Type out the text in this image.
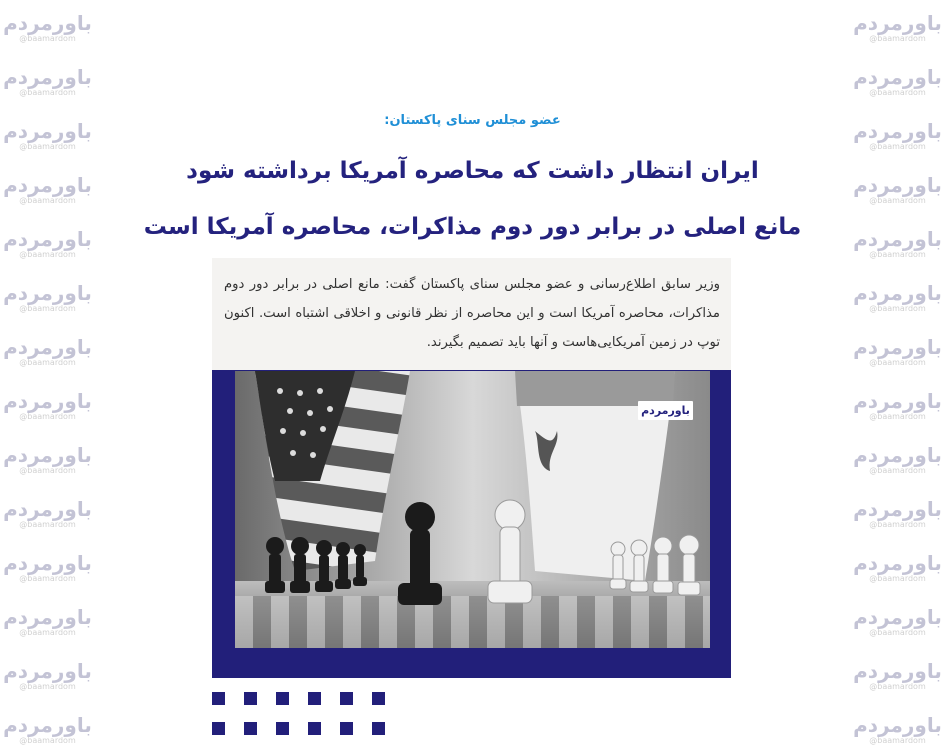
باورمردم
@baamardom
باورمردم
@baamardom
باورمردم
@baamardom
باورمردم
@baamardom
باورمردم
@baamardom
باورمردم
@baamardom
باورمردم
@baamardom
باورمردم
@baamardom
باورمردم
@baamardom
باورمردم
@baamardom
باورمردم
@baamardom
باورمردم
@baamardom
باورمردم
@baamardom
باورمردم
@baamardom
باورمردم
@baamardom
باورمردم
@baamardom
باورمردم
@baamardom
باورمردم
@baamardom
باورمردم
@baamardom
باورمردم
@baamardom
باورمردم
@baamardom
باورمردم
@baamardom
باورمردم
@baamardom
باورمردم
@baamardom
باورمردم
@baamardom
باورمردم
@baamardom
باورمردم
@baamardom
باورمردم
@baamardom
عضو مجلس سنای پاکستان:
ایران انتظار داشت که محاصره آمریکا برداشته شود
مانع اصلی در برابر دور دوم مذاکرات، محاصره آمریکا است
وزیر سابق اطلاع‌رسانی و عضو مجلس سنای پاکستان گفت: مانع اصلی در برابر دور دوم مذاکرات، محاصره آمریکا است و این محاصره از نظر قانونی و اخلاقی اشتباه است. اکنون توپ در زمین آمریکایی‌هاست و آنها باید تصمیم بگیرند.
باورمردم
